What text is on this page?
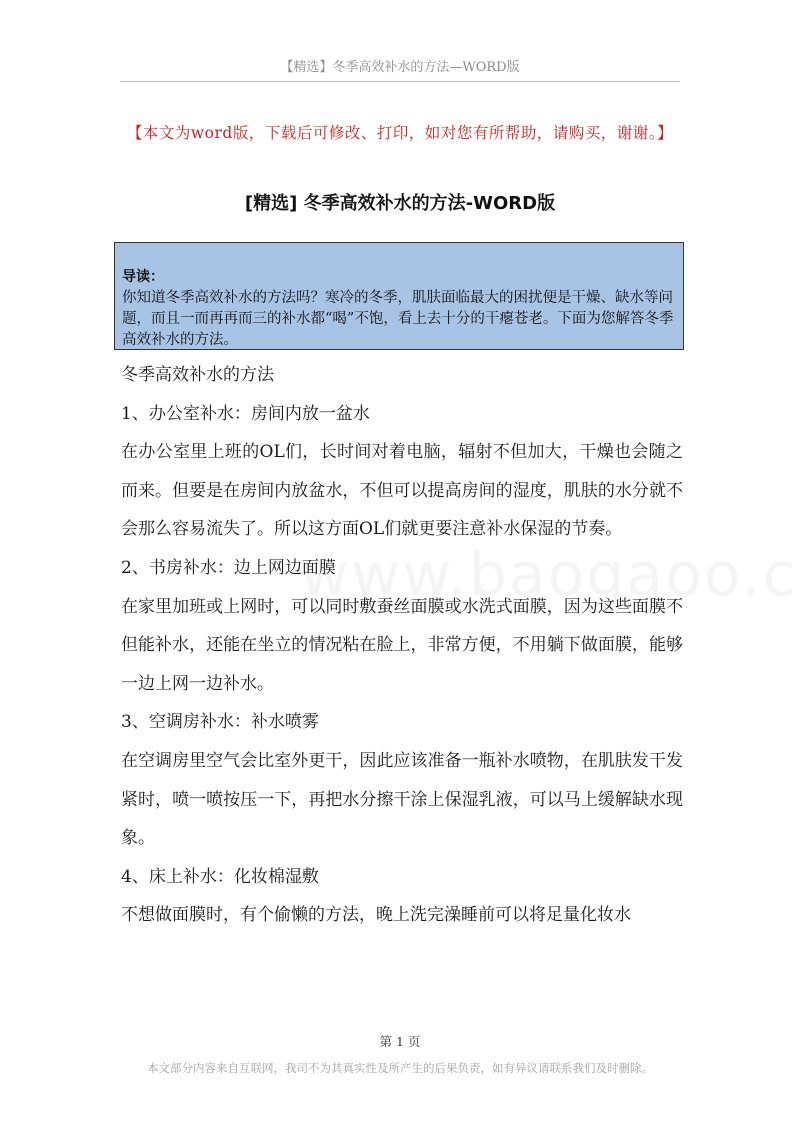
【精选】冬季高效补水的方法—WORD版
【本文为word版，下载后可修改、打印，如对您有所帮助，请购买，谢谢。】
[精选] 冬季高效补水的方法-WORD版
导读：
你知道冬季高效补水的方法吗？寒冷的冬季，肌肤面临最大的困扰便是干燥、缺水等问题，而且一而再再而三的补水都“喝”不饱，看上去十分的干瘪苍老。下面为您解答冬季高效补水的方法。

冬季高效补水的方法

1、办公室补水：房间内放一盆水

在办公室里上班的OL们，长时间对着电脑，辐射不但加大，干燥也会随之而来。但要是在房间内放盆水，不但可以提高房间的湿度，肌肤的水分就不会那么容易流失了。所以这方面OL们就更要注意补水保湿的节奏。

2、书房补水：边上网边面膜

在家里加班或上网时，可以同时敷蚕丝面膜或水洗式面膜，因为这些面膜不但能补水，还能在坐立的情况粘在脸上，非常方便，不用躺下做面膜，能够一边上网一边补水。

3、空调房补水：补水喷雾

在空调房里空气会比室外更干，因此应该准备一瓶补水喷物，在肌肤发干发紧时，喷一喷按压一下，再把水分擦干涂上保湿乳液，可以马上缓解缺水现象。

4、床上补水：化妆棉湿敷

不想做面膜时，有个偷懒的方法，晚上洗完澡睡前可以将足量化妆水

第 1 页
本文部分内容来自互联网，我司不为其真实性及所产生的后果负责，如有异议请联系我们及时删除。
